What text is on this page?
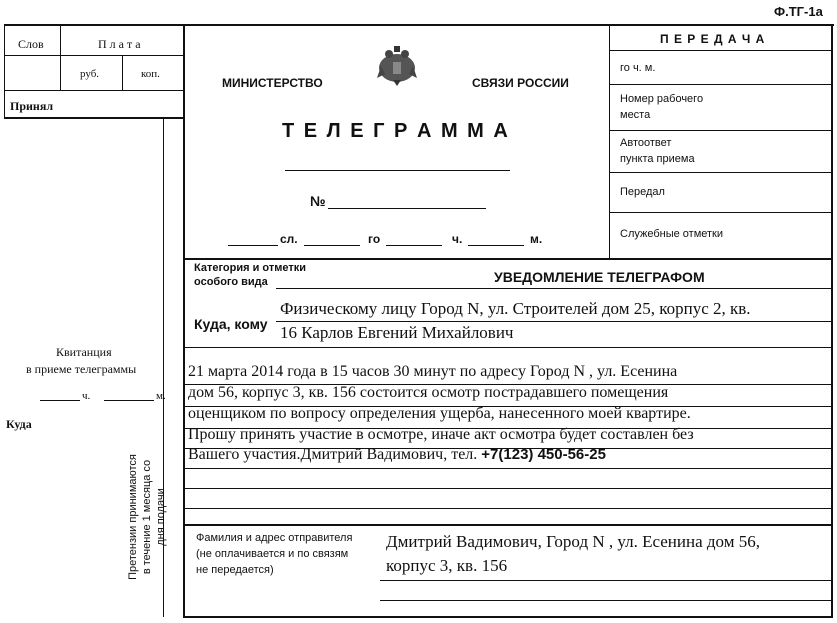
Ф.ТГ-1а
Слов	П л а т а
руб.	коп.
Принял
Квитанция
в приеме телеграммы
ч.	м.
Куда
Претензии принимаются в течение 1 месяца со дня подачи
МИНИСТЕРСТВО	СВЯЗИ РОССИИ
Т Е Л Е Г Р А М М А
№
сл.	го	ч.	м.
П Е Р Е Д А Ч А
го ч. м.
Номер рабочего
места
Автоответ
пункта приема
Передал
Служебные отметки
Категория и отметки
особого вида	УВЕДОМЛЕНИЕ ТЕЛЕГРАФОМ
Куда, кому
Физическому лицу Город N, ул. Строителей дом 25, корпус 2, кв.
16 Карлов Евгений Михайлович
21 марта 2014 года в 15 часов 30 минут по адресу Город N , ул. Есенина
дом 56, корпус 3, кв. 156 состоится осмотр пострадавшего помещения
оценщиком по вопросу определения ущерба, нанесенного моей квартире.
Прошу принять участие в осмотре, иначе акт осмотра будет составлен без
Вашего участия.Дмитрий Вадимович, тел. +7(123) 450-56-25
Фамилия и адрес отправителя
(не оплачивается и по связям
не передается)
Дмитрий Вадимович, Город N , ул. Есенина дом 56,
корпус 3, кв. 156
